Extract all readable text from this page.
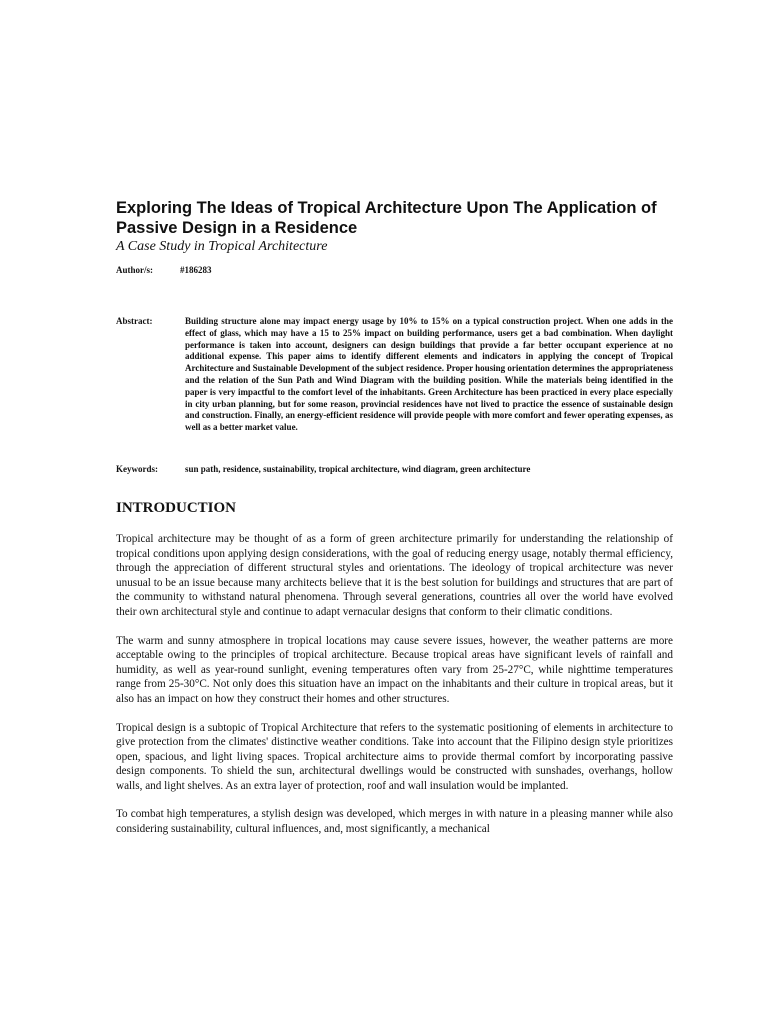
Exploring The Ideas of Tropical Architecture Upon The Application of Passive Design in a Residence

A Case Study in Tropical Architecture

Author/s:	#186283
Abstract:	Building structure alone may impact energy usage by 10% to 15% on a typical construction project. When one adds in the effect of glass, which may have a 15 to 25% impact on building performance, users get a bad combination. When daylight performance is taken into account, designers can design buildings that provide a far better occupant experience at no additional expense. This paper aims to identify different elements and indicators in applying the concept of Tropical Architecture and Sustainable Development of the subject residence. Proper housing orientation determines the appropriateness and the relation of the Sun Path and Wind Diagram with the building position. While the materials being identified in the paper is very impactful to the comfort level of the inhabitants. Green Architecture has been practiced in every place especially in city urban planning, but for some reason, provincial residences have not lived to practice the essence of sustainable design and construction. Finally, an energy-efficient residence will provide people with more comfort and fewer operating expenses, as well as a better market value.

Keywords:	sun path, residence, sustainability, tropical architecture, wind diagram, green architecture
INTRODUCTION

Tropical architecture may be thought of as a form of green architecture primarily for understanding the relationship of tropical conditions upon applying design considerations, with the goal of reducing energy usage, notably thermal efficiency, through the appreciation of different structural styles and orientations. The ideology of tropical architecture was never unusual to be an issue because many architects believe that it is the best solution for buildings and structures that are part of the community to withstand natural phenomena. Through several generations, countries all over the world have evolved their own architectural style and continue to adapt vernacular designs that conform to their climatic conditions.

The warm and sunny atmosphere in tropical locations may cause severe issues, however, the weather patterns are more acceptable owing to the principles of tropical architecture. Because tropical areas have significant levels of rainfall and humidity, as well as year-round sunlight, evening temperatures often vary from 25-27°C, while nighttime temperatures range from 25-30°C. Not only does this situation have an impact on the inhabitants and their culture in tropical areas, but it also has an impact on how they construct their homes and other structures.

Tropical design is a subtopic of Tropical Architecture that refers to the systematic positioning of elements in architecture to give protection from the climates' distinctive weather conditions. Take into account that the Filipino design style prioritizes open, spacious, and light living spaces. Tropical architecture aims to provide thermal comfort by incorporating passive design components. To shield the sun, architectural dwellings would be constructed with sunshades, overhangs, hollow walls, and light shelves. As an extra layer of protection, roof and wall insulation would be implanted.

To combat high temperatures, a stylish design was developed, which merges in with nature in a pleasing manner while also considering sustainability, cultural influences, and, most significantly, a mechanical
